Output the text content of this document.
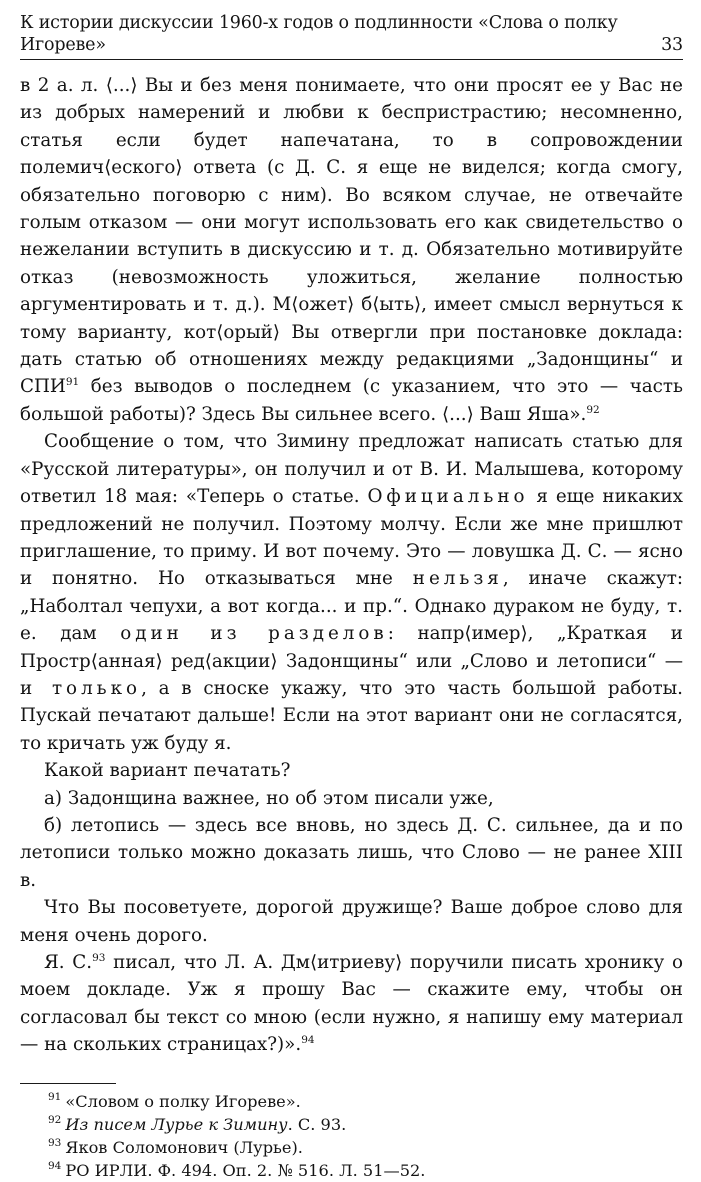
К истории дискуссии 1960-х годов о подлинности «Слова о полку Игореве»	33

в 2 а. л. ⟨...⟩ Вы и без меня понимаете, что они просят ее у Вас не из добрых намерений и любви к беспристрастию; несомненно, статья если будет напечатана, то в сопровождении полемич⟨еского⟩ ответа (с Д. С. я еще не виделся; когда смогу, обязательно поговорю с ним). Во всяком случае, не отвечайте голым отказом — они могут использовать его как свидетельство о нежелании вступить в дискуссию и т. д. Обязательно мотивируйте отказ (невозможность уложиться, желание полностью аргументировать и т. д.). М⟨ожет⟩ б⟨ыть⟩, имеет смысл вернуться к тому варианту, кот⟨орый⟩ Вы отвергли при постановке доклада: дать статью об отношениях между редакциями „Задонщины“ и СПИ$^{91}$ без выводов о последнем (с указанием, что это — часть большой работы)? Здесь Вы сильнее всего. ⟨...⟩ Ваш Яша».$^{92}$

Сообщение о том, что Зимину предложат написать статью для «Русской литературы», он получил и от В. И. Малышева, которому ответил 18 мая: «Теперь о статье. Официально я еще никаких предложений не получил. Поэтому молчу. Если же мне пришлют приглашение, то приму. И вот почему. Это — ловушка Д. С. — ясно и понятно. Но отказываться мне нельзя, иначе скажут: „Наболтал чепухи, а вот когда... и пр.“. Однако дураком не буду, т. е. дам один из разделов: напр⟨имер⟩, „Краткая и Простр⟨анная⟩ ред⟨акции⟩ Задонщины“ или „Слово и летописи“ — и только, а в сноске укажу, что это часть большой работы. Пускай печатают дальше! Если на этот вариант они не согласятся, то кричать уж буду я.

Какой вариант печатать?

а) Задонщина важнее, но об этом писали уже,

б) летопись — здесь все вновь, но здесь Д. С. сильнее, да и по летописи только можно доказать лишь, что Слово — не ранее XIII в.

Что Вы посоветуете, дорогой дружище? Ваше доброе слово для меня очень дорого.

Я. С.$^{93}$ писал, что Л. А. Дм⟨итриеву⟩ поручили писать хронику о моем докладе. Уж я прошу Вас — скажите ему, чтобы он согласовал бы текст со мною (если нужно, я напишу ему материал — на скольких страницах?)».$^{94}$

$^{91}$ «Словом о полку Игореве».

$^{92}$ Из писем Лурье к Зимину. С. 93.

$^{93}$ Яков Соломонович (Лурье).

$^{94}$ РО ИРЛИ. Ф. 494. Оп. 2. № 516. Л. 51—52.
